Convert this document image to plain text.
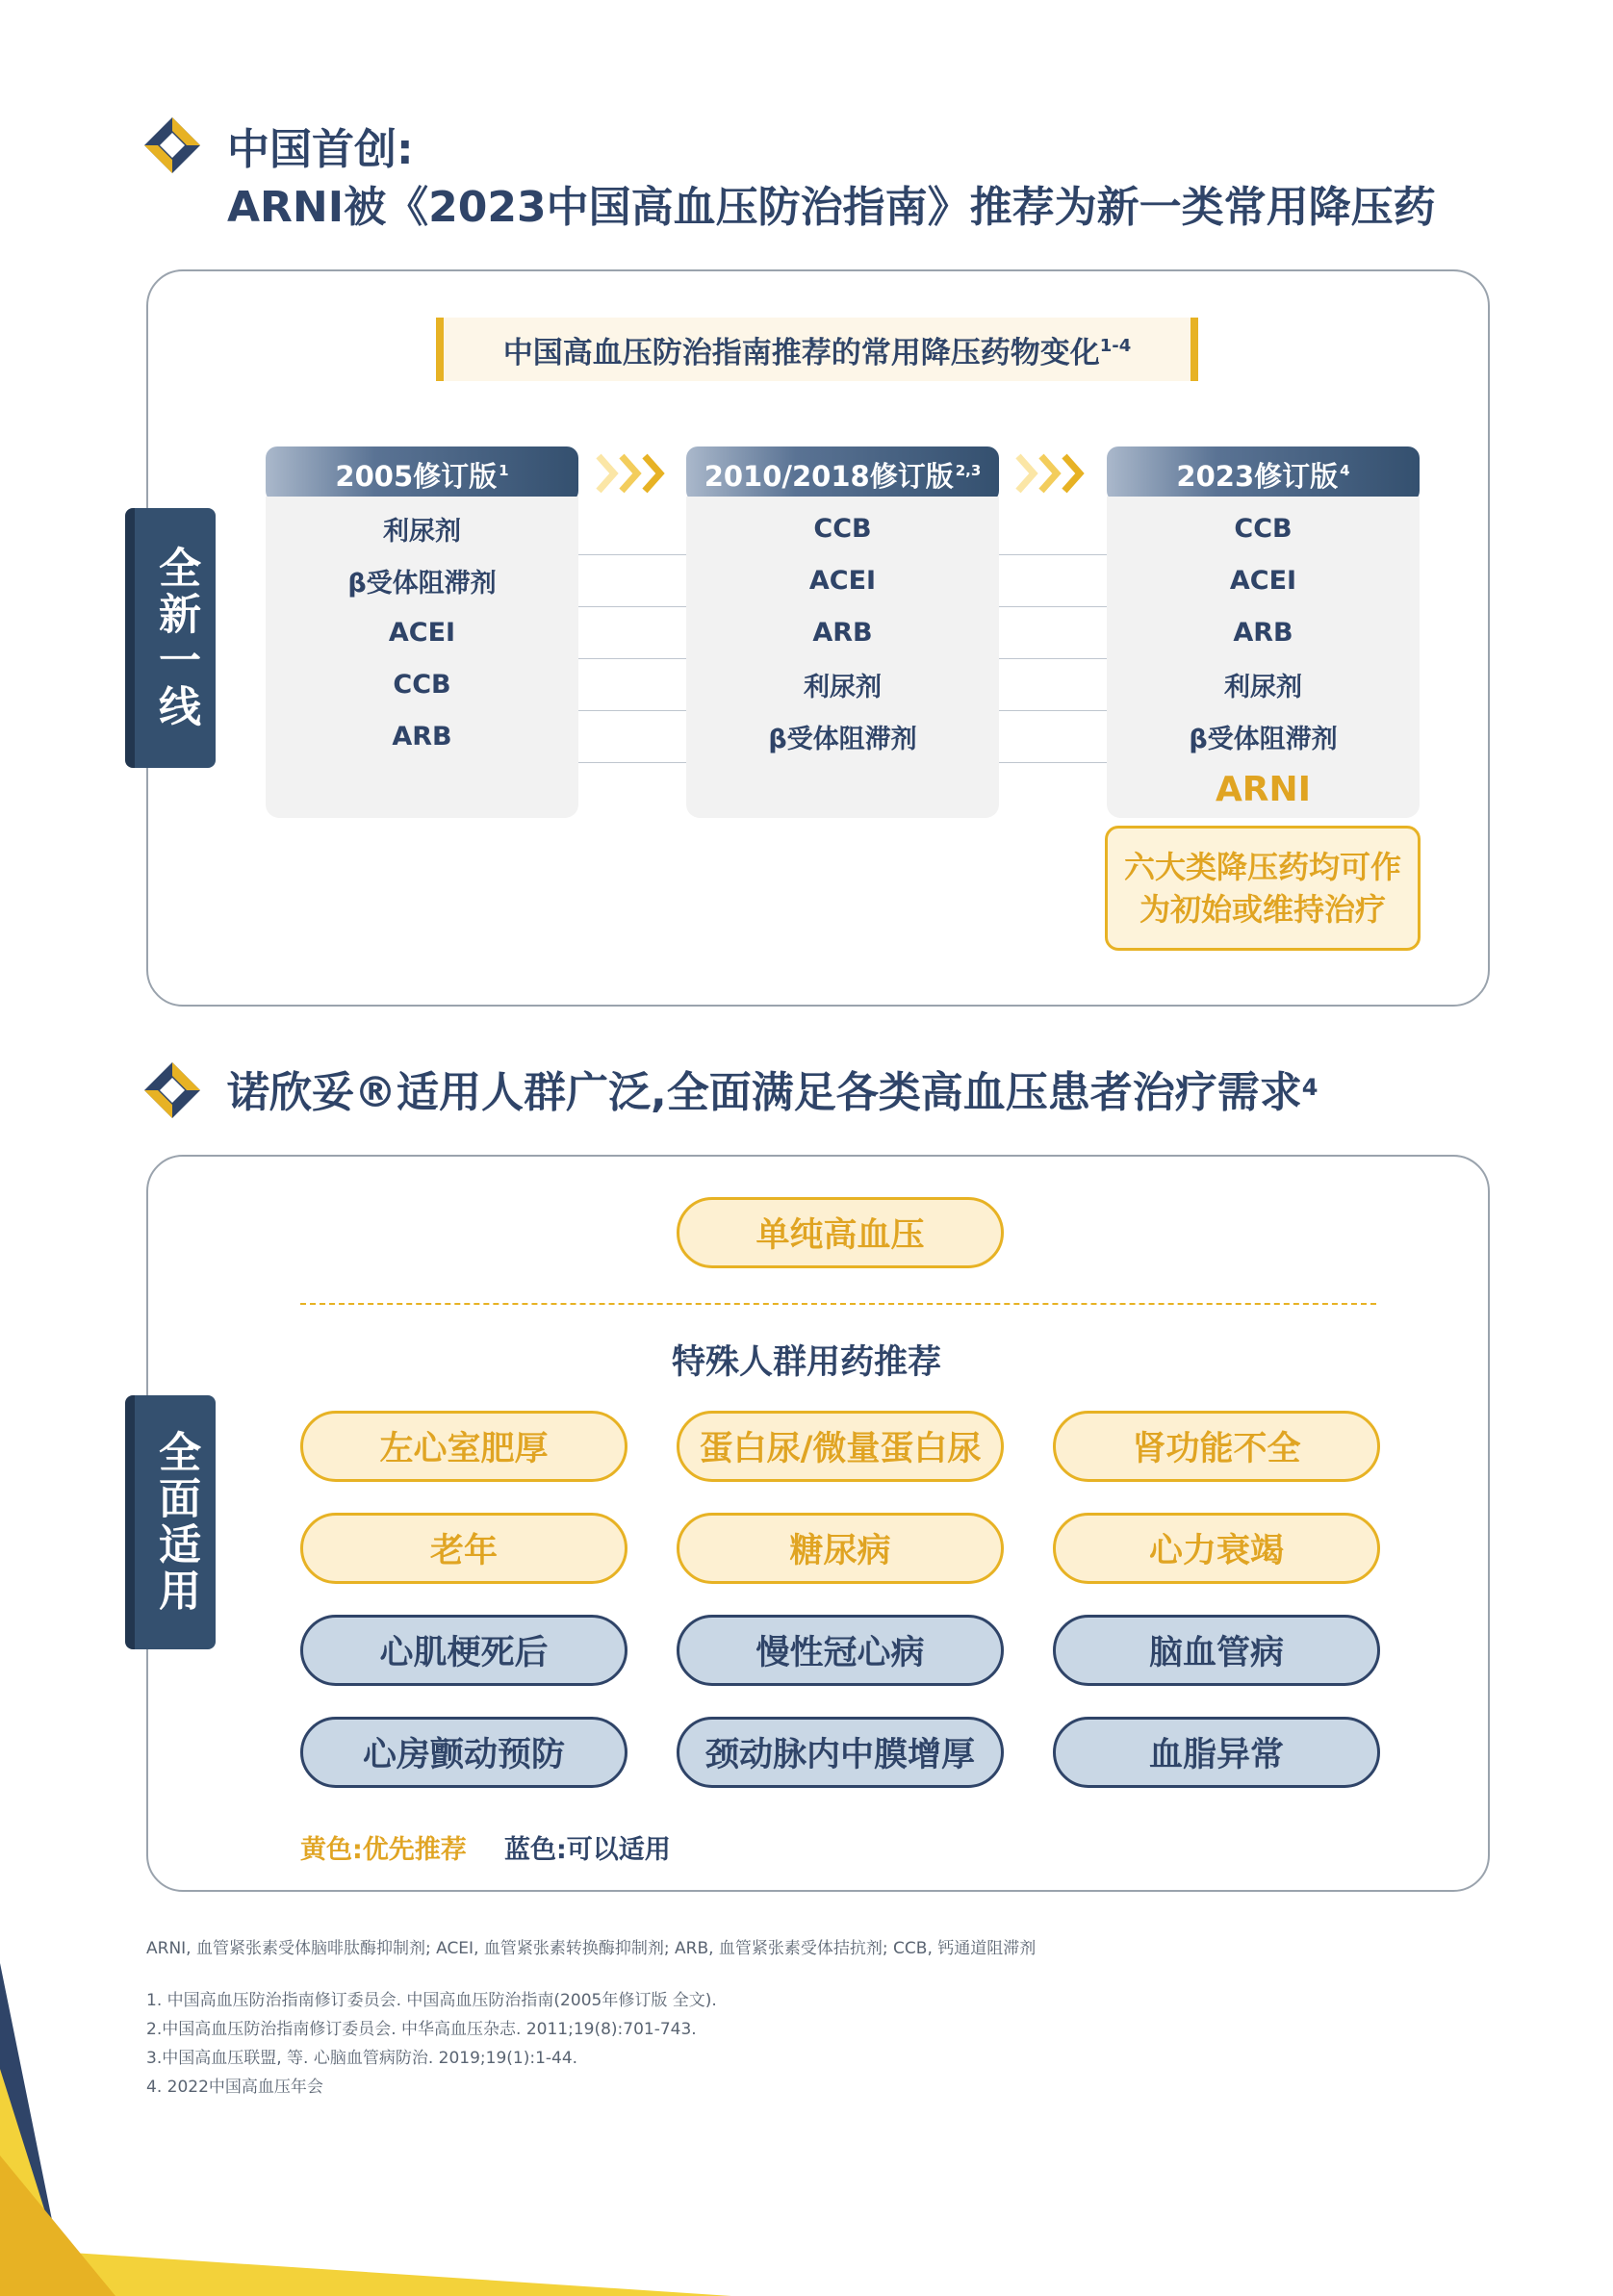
中国首创:
ARNI被《2023中国高血压防治指南》推荐为新一类常用降压药
全新一线
中国高血压防治指南推荐的常用降压药物变化$^{1-4}$
2005修订版$^1$
利尿剂
β受体阻滞剂
ACEI
CCB
ARB
2010/2018修订版$^{2,3}$
CCB
ACEI
ARB
利尿剂
β受体阻滞剂
2023修订版$^4$
CCB
ACEI
ARB
利尿剂
β受体阻滞剂
ARNI
六大类降压药均可作
为初始或维持治疗
诺欣妥®适用人群广泛,全面满足各类高血压患者治疗需求$^4$
全面适用
单纯高血压
特殊人群用药推荐
左心室肥厚	蛋白尿/微量蛋白尿	肾功能不全
老年	糖尿病	心力衰竭
心肌梗死后	慢性冠心病	脑血管病
心房颤动预防	颈动脉内中膜增厚	血脂异常
黄色:优先推荐 蓝色:可以适用
ARNI, 血管紧张素受体脑啡肽酶抑制剂; ACEI, 血管紧张素转换酶抑制剂; ARB, 血管紧张素受体拮抗剂; CCB, 钙通道阻滞剂
1. 中国高血压防治指南修订委员会. 中国高血压防治指南(2005年修订版 全文).
2.中国高血压防治指南修订委员会. 中华高血压杂志. 2011;19(8):701-743.
3.中国高血压联盟, 等. 心脑血管病防治. 2019;19(1):1-44.
4. 2022中国高血压年会
